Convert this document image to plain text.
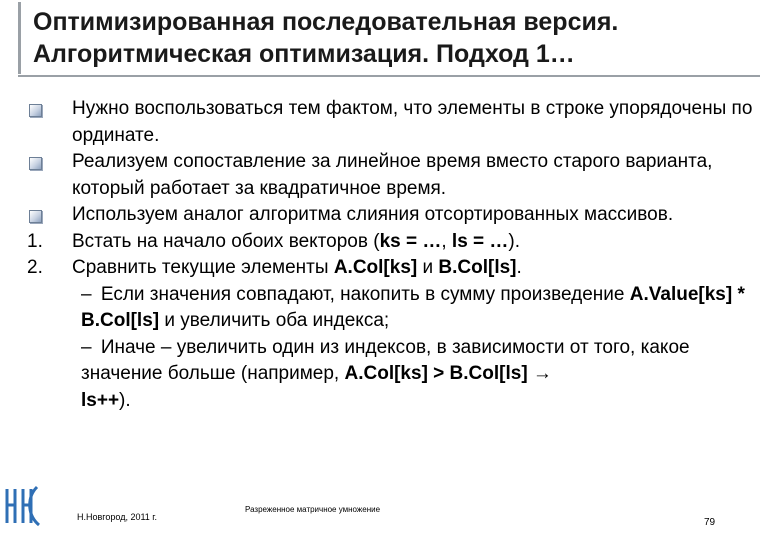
Оптимизированная последовательная версия.
Алгоритмическая оптимизация. Подход 1…
Нужно воспользоваться тем фактом, что элементы в строке упорядочены по ординате.
Реализуем сопоставление за линейное время вместо старого варианта, который работает за квадратичное время.
Используем аналог алгоритма слияния отсортированных массивов.
1.	Встать на начало обоих векторов (ks = …, ls = …).
2.	Сравнить текущие элементы A.Col[ks] и B.Col[ls].
– Если значения совпадают, накопить в сумму произведение A.Value[ks] * B.Col[ls] и увеличить оба индекса;
– Иначе – увеличить один из индексов, в зависимости от того, какое значение больше (например, A.Col[ks] > B.Col[ls] →
ls++).
Н.Новгород, 2011 г.
Разреженное матричное умножение
79
